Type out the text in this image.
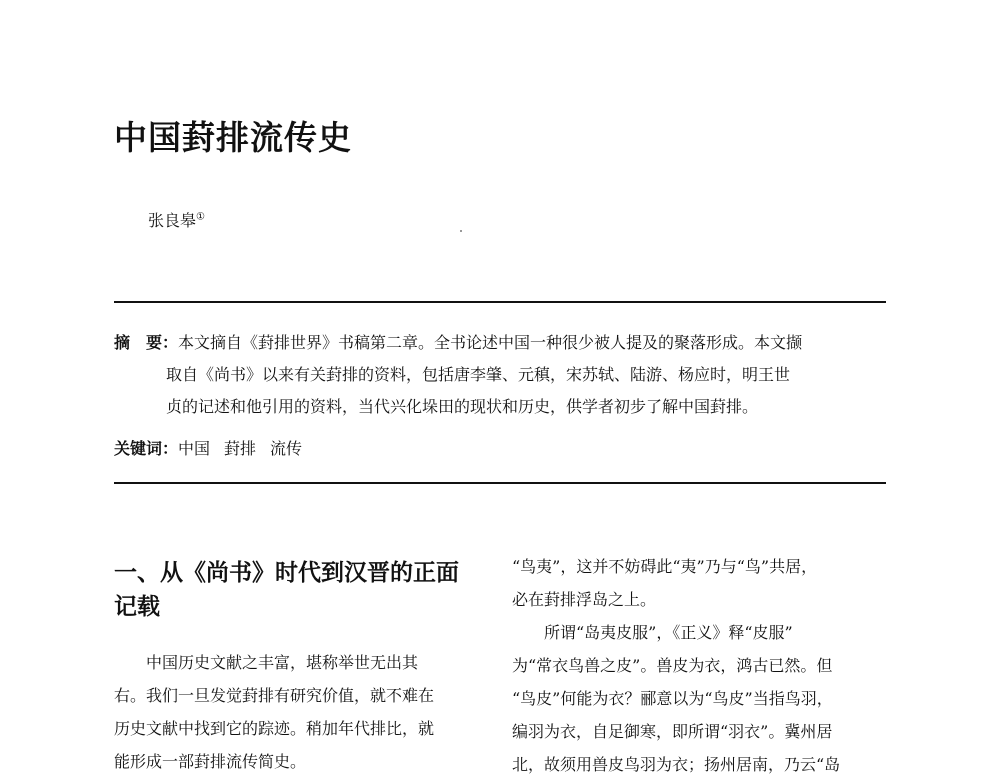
中国葑排流传史
张良皋①
摘　要：本文摘自《葑排世界》书稿第二章。全书论述中国一种很少被人提及的聚落形成。本文撷
取自《尚书》以来有关葑排的资料，包括唐李肇、元稹，宋苏轼、陆游、杨应时，明王世
贞的记述和他引用的资料，当代兴化垛田的现状和历史，供学者初步了解中国葑排。
关键词：中国 葑排 流传
一、从《尚书》时代到汉晋的正面
记载
中国历史文献之丰富，堪称举世无出其
右。我们一旦发觉葑排有研究价值，就不难在
历史文献中找到它的踪迹。稍加年代排比，就
能形成一部葑排流传简史。
“鸟夷”，这并不妨碍此“夷”乃与“鸟”共居，
必在葑排浮岛之上。
所谓“岛夷皮服”，《正义》释“皮服”
为“常衣鸟兽之皮”。兽皮为衣，鸿古已然。但
“鸟皮”何能为衣？郦意以为“鸟皮”当指鸟羽，
编羽为衣，自足御寒，即所谓“羽衣”。冀州居
北，故须用兽皮鸟羽为衣；扬州居南，乃云“岛
